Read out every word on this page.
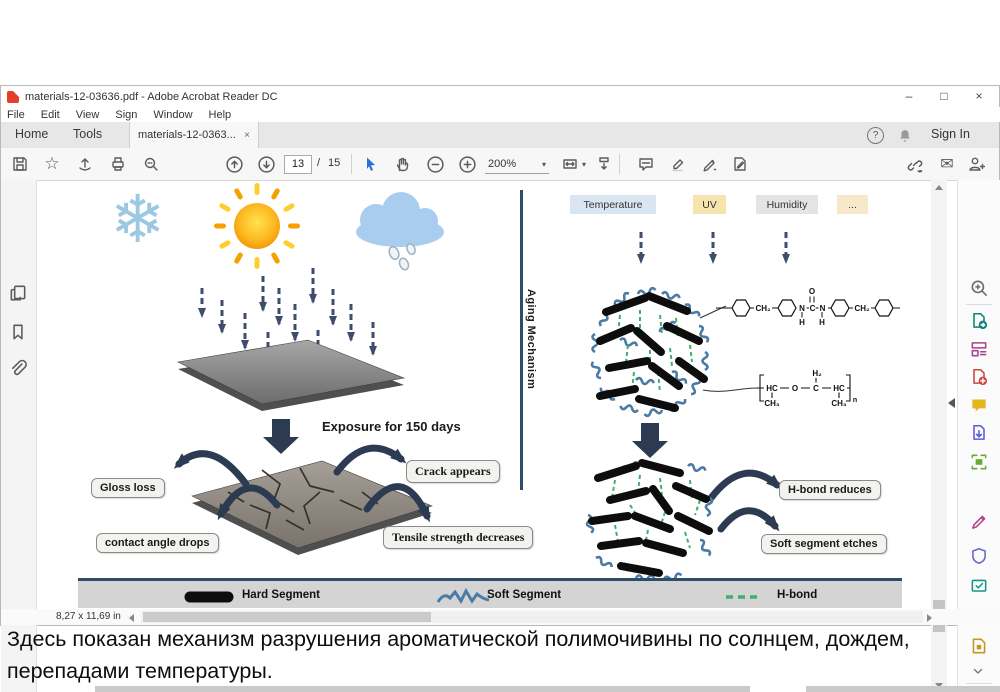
materials-12-03636.pdf - Adobe Acrobat Reader DC	–	□	×
File Edit View Sign Window Help
Home Tools	materials-12-0363... ×	?	Sign In
☆	13	/ 15	200%	▾	▾	✉
8,27 x 11,69 in
CH₂	N C N	CH₂
O
H H
HC O C HC
H₂
CH₃	CH₃ n
❄	Temperature	UV	Humidity	...
Aging Mechanism
Exposure for 150 days
Gloss loss
contact angle drops
Crack appears
Tensile strength decreases
H-bond reduces
Soft segment etches
Hard Segment	Soft Segment	H-bond
Здесь показан механизм разрушения ароматической полимочивины по солнцем, дождем,
перепадами температуры.
